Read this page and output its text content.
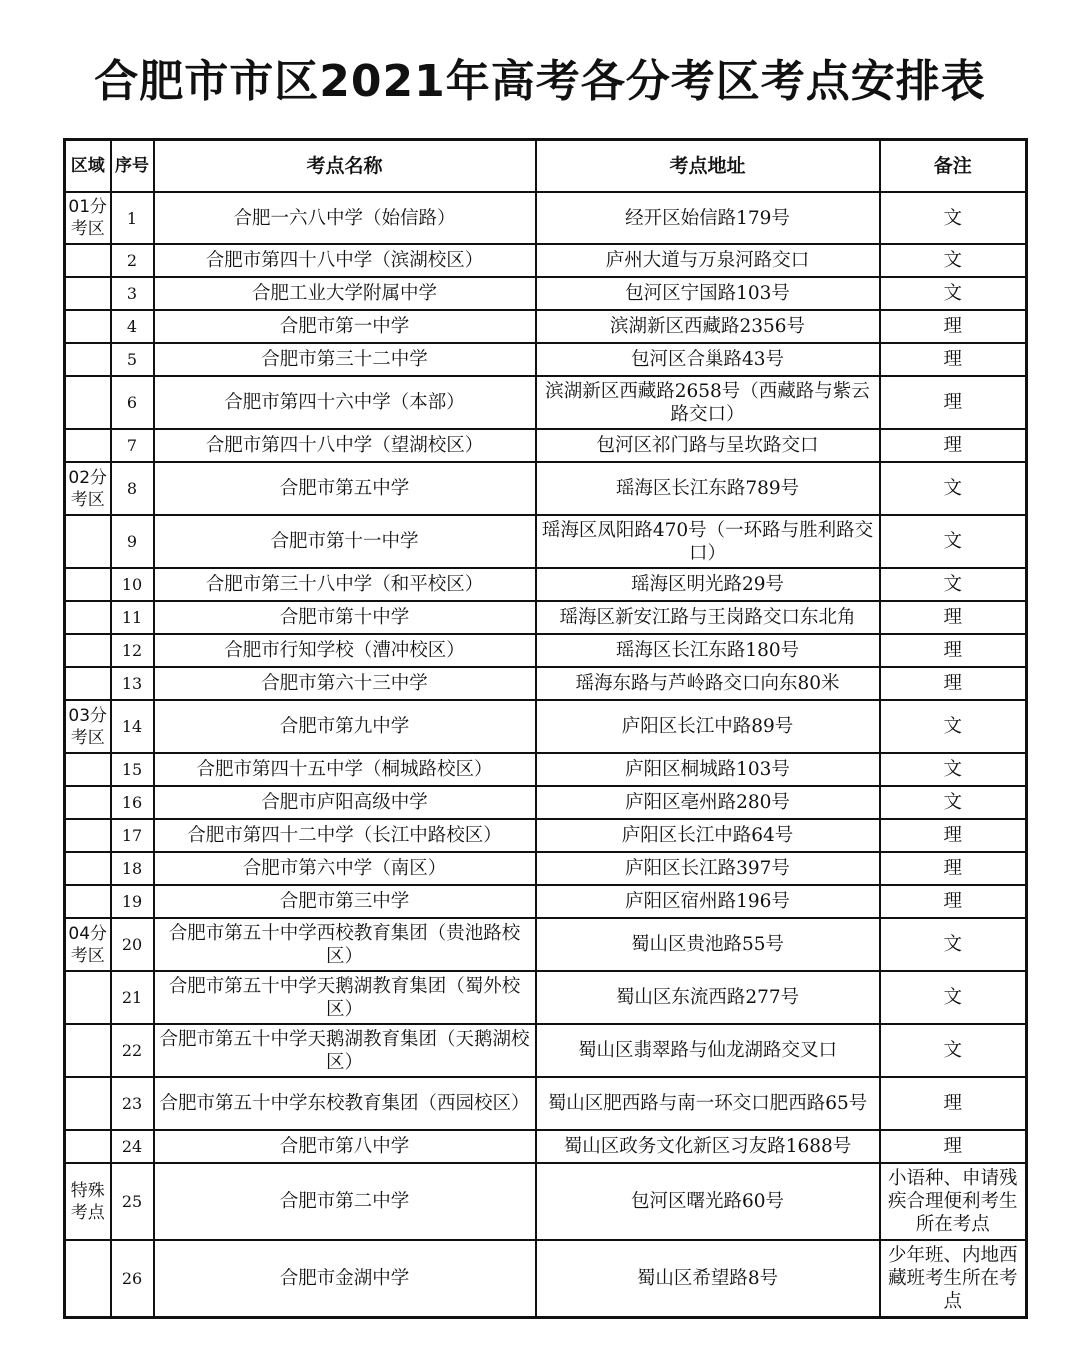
合肥市市区2021年高考各分考区考点安排表
区域	序号	考点名称	考点地址	备注
01分考区	1	合肥一六八中学（始信路）	经开区始信路179号	文
	2	合肥市第四十八中学（滨湖校区）	庐州大道与万泉河路交口	文
	3	合肥工业大学附属中学	包河区宁国路103号	文
	4	合肥市第一中学	滨湖新区西藏路2356号	理
	5	合肥市第三十二中学	包河区合巢路43号	理
	6	合肥市第四十六中学（本部）	滨湖新区西藏路2658号（西藏路与紫云路交口）	理
	7	合肥市第四十八中学（望湖校区）	包河区祁门路与呈坎路交口	理
02分考区	8	合肥市第五中学	瑶海区长江东路789号	文
	9	合肥市第十一中学	瑶海区凤阳路470号（一环路与胜利路交口）	文
	10	合肥市第三十八中学（和平校区）	瑶海区明光路29号	文
	11	合肥市第十中学	瑶海区新安江路与王岗路交口东北角	理
	12	合肥市行知学校（漕冲校区）	瑶海区长江东路180号	理
	13	合肥市第六十三中学	瑶海东路与芦岭路交口向东80米	理
03分考区	14	合肥市第九中学	庐阳区长江中路89号	文
	15	合肥市第四十五中学（桐城路校区）	庐阳区桐城路103号	文
	16	合肥市庐阳高级中学	庐阳区亳州路280号	文
	17	合肥市第四十二中学（长江中路校区）	庐阳区长江中路64号	理
	18	合肥市第六中学（南区）	庐阳区长江路397号	理
	19	合肥市第三中学	庐阳区宿州路196号	理
04分考区	20	合肥市第五十中学西校教育集团（贵池路校区）	蜀山区贵池路55号	文
	21	合肥市第五十中学天鹅湖教育集团（蜀外校区）	蜀山区东流西路277号	文
	22	合肥市第五十中学天鹅湖教育集团（天鹅湖校区）	蜀山区翡翠路与仙龙湖路交叉口	文
	23	合肥市第五十中学东校教育集团（西园校区）	蜀山区肥西路与南一环交口肥西路65号	理
	24	合肥市第八中学	蜀山区政务文化新区习友路1688号	理
特殊考点	25	合肥市第二中学	包河区曙光路60号	小语种、申请残疾合理便利考生所在考点
	26	合肥市金湖中学	蜀山区希望路8号	少年班、内地西藏班考生所在考点
